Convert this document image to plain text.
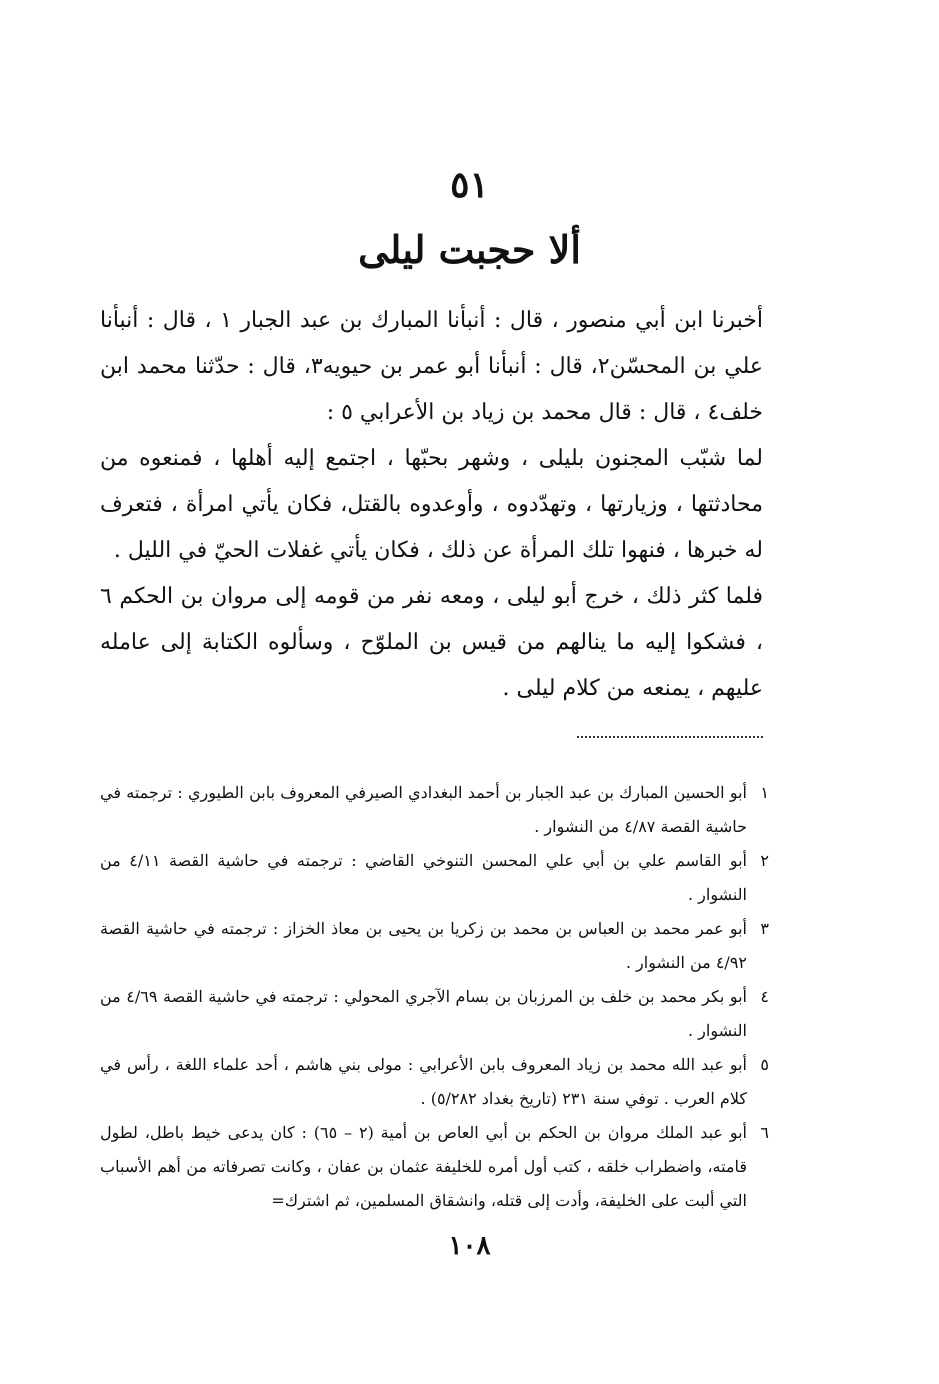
٥١
ألا حجبت ليلى

أخبرنا ابن أبي منصور ، قال : أنبأنا المبارك بن عبد الجبار ١ ، قال : أنبأنا علي بن المحسّن٢، قال : أنبأنا أبو عمر بن حيويه٣، قال : حدّثنا محمد ابن خلف٤ ، قال : قال محمد بن زياد بن الأعرابي ٥ :

لما شبّب المجنون بليلى ، وشهر بحبّها ، اجتمع إليه أهلها ، فمنعوه من محادثتها ، وزيارتها ، وتهدّدوه ، وأوعدوه بالقتل، فكان يأتي امرأة ، فتعرف له خبرها ، فنهوا تلك المرأة عن ذلك ، فكان يأتي غفلات الحيّ في الليل .

فلما كثر ذلك ، خرج أبو ليلى ، ومعه نفر من قومه إلى مروان بن الحكم ٦ ، فشكوا إليه ما ينالهم من قيس بن الملوّح ، وسألوه الكتابة إلى عامله عليهم ، يمنعه من كلام ليلى .

١
أبو الحسين المبارك بن عبد الجبار بن أحمد البغدادي الصيرفي المعروف بابن الطيوري : ترجمته في حاشية القصة ٤/٨٧ من النشوار .
٢
أبو القاسم علي بن أبي علي المحسن التنوخي القاضي : ترجمته في حاشية القصة ٤/١١ من النشوار .
٣
أبو عمر محمد بن العباس بن محمد بن زكريا بن يحيى بن معاذ الخزاز : ترجمته في حاشية القصة ٤/٩٢ من النشوار .
٤
أبو بكر محمد بن خلف بن المرزبان بن بسام الآجري المحولي : ترجمته في حاشية القصة ٤/٦٩ من النشوار .
٥
أبو عبد الله محمد بن زياد المعروف بابن الأعرابي : مولى بني هاشم ، أحد علماء اللغة ، رأس في كلام العرب . توفي سنة ٢٣١ (تاريخ بغداد ٥/٢٨٢) .
٦
أبو عبد الملك مروان بن الحكم بن أبي العاص بن أمية (٢ – ٦٥) : كان يدعى خيط باطل، لطول قامته، واضطراب خلقه ، كتب أول أمره للخليفة عثمان بن عفان ، وكانت تصرفاته من أهم الأسباب التي ألبت على الخليفة، وأدت إلى قتله، وانشقاق المسلمين، ثم اشترك=
١٠٨
